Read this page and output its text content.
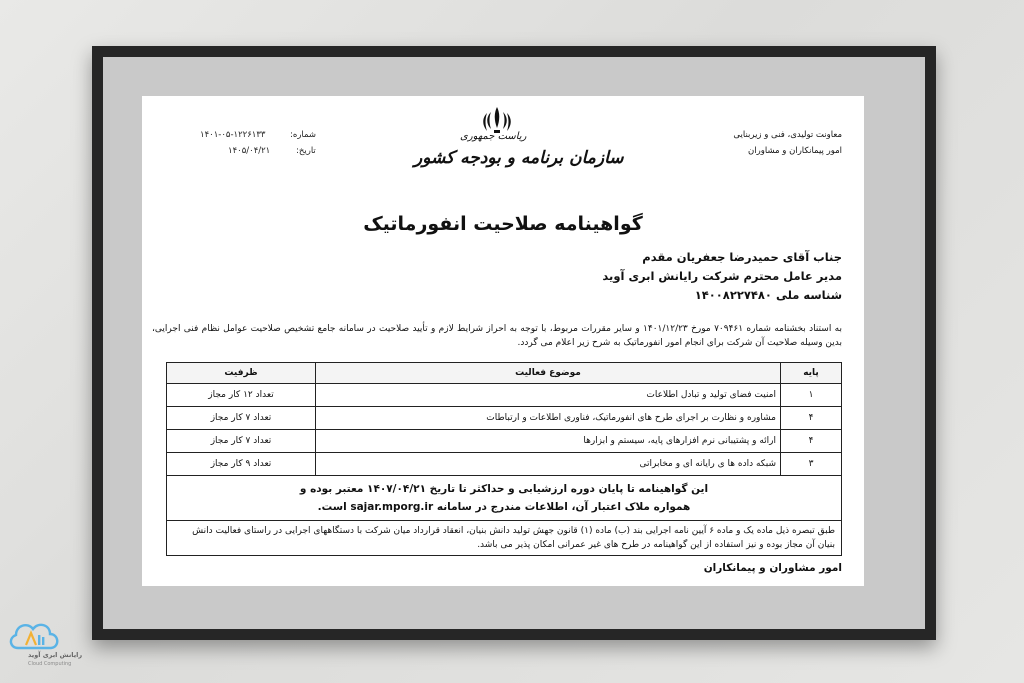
معاونت تولیدی، فنی و زیربنایی
امور پیمانکاران و مشاوران
شماره:
۱۴۰۱-۰۵-۱۲۲۶۱۳۳
تاریخ:
۱۴۰۵/۰۴/۲۱
ریاست جمهوری
سازمان برنامه و بودجه کشور
گواهینامه صلاحیت انفورماتیک
جناب آقای حمیدرضا جعفریان مقدم
مدیر عامل محترم شرکت رایانش ابری آوید
شناسه ملی ۱۴۰۰۸۲۲۷۴۸۰
به استناد بخشنامه شماره ۷۰۹۴۶۱ مورخ ۱۴۰۱/۱۲/۲۳ و سایر مقررات مربوط، با توجه به احراز شرایط لازم و تأیید صلاحیت در سامانه جامع تشخیص صلاحیت عوامل نظام فنی اجرایی، بدین وسیله صلاحیت آن شرکت برای انجام امور انفورماتیک به شرح زیر اعلام می گردد.
پایه	موضوع فعالیت	ظرفیت
۱	امنیت فضای تولید و تبادل اطلاعات	تعداد ۱۲ کار مجاز
۴	مشاوره و نظارت بر اجرای طرح های انفورماتیک، فناوری اطلاعات و ارتباطات	تعداد ۷ کار مجاز
۴	ارائه و پشتیبانی نرم افزارهای پایه، سیستم و ابزارها	تعداد ۷ کار مجاز
۳	شبکه داده ها ی رایانه ای و مخابراتی	تعداد ۹ کار مجاز

این گواهینامه تا پایان دوره ارزشیابی و حداکثر تا تاریخ ۱۴۰۷/۰۴/۲۱ معتبر بوده و
همواره ملاک اعتبار آن، اطلاعات مندرج در سامانه sajar.mporg.ir است.		

طبق تبصره ذیل ماده یک و ماده ۶ آیین نامه اجرایی بند (ب) ماده (۱) قانون جهش تولید دانش بنیان، انعقاد قرارداد میان شرکت با دستگاههای اجرایی در راستای فعالیت دانش بنیان آن مجاز بوده و نیز استفاده از این گواهینامه در طرح های غیر عمرانی امکان پذیر می باشد.		
امور مشاوران و پیمانکاران
رایانش ابری آوید
Cloud Computing
